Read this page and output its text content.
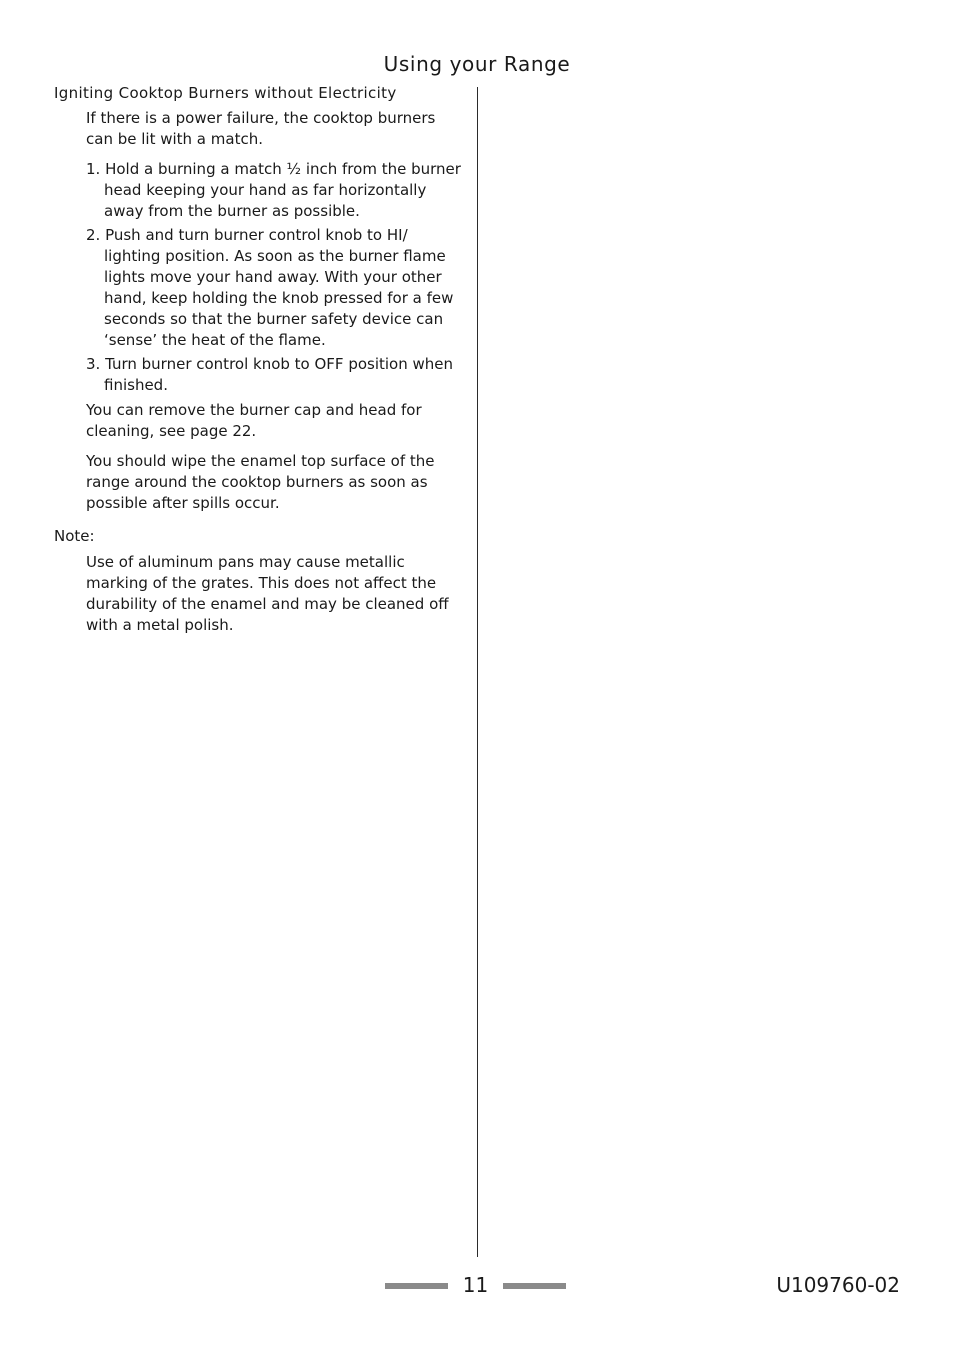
Using your Range

Igniting Cooktop Burners without Electricity

If there is a power failure, the cooktop burners can be lit with a match.

1. Hold a burning a match ½ inch from the burner head keeping your hand as far horizontally away from the burner as possible.
2. Push and turn burner control knob to HI/ lighting position. As soon as the burner flame lights move your hand away. With your other hand, keep holding the knob pressed for a few seconds so that the burner safety device can ‘sense’ the heat of the flame.
3. Turn burner control knob to OFF position when finished.

You can remove the burner cap and head for cleaning, see page 22.

You should wipe the enamel top surface of the range around the cooktop burners as soon as possible after spills occur.

Note:

Use of aluminum pans may cause metallic marking of the grates. This does not affect the durability of the enamel and may be cleaned off with a metal polish.

11	U109760-02
